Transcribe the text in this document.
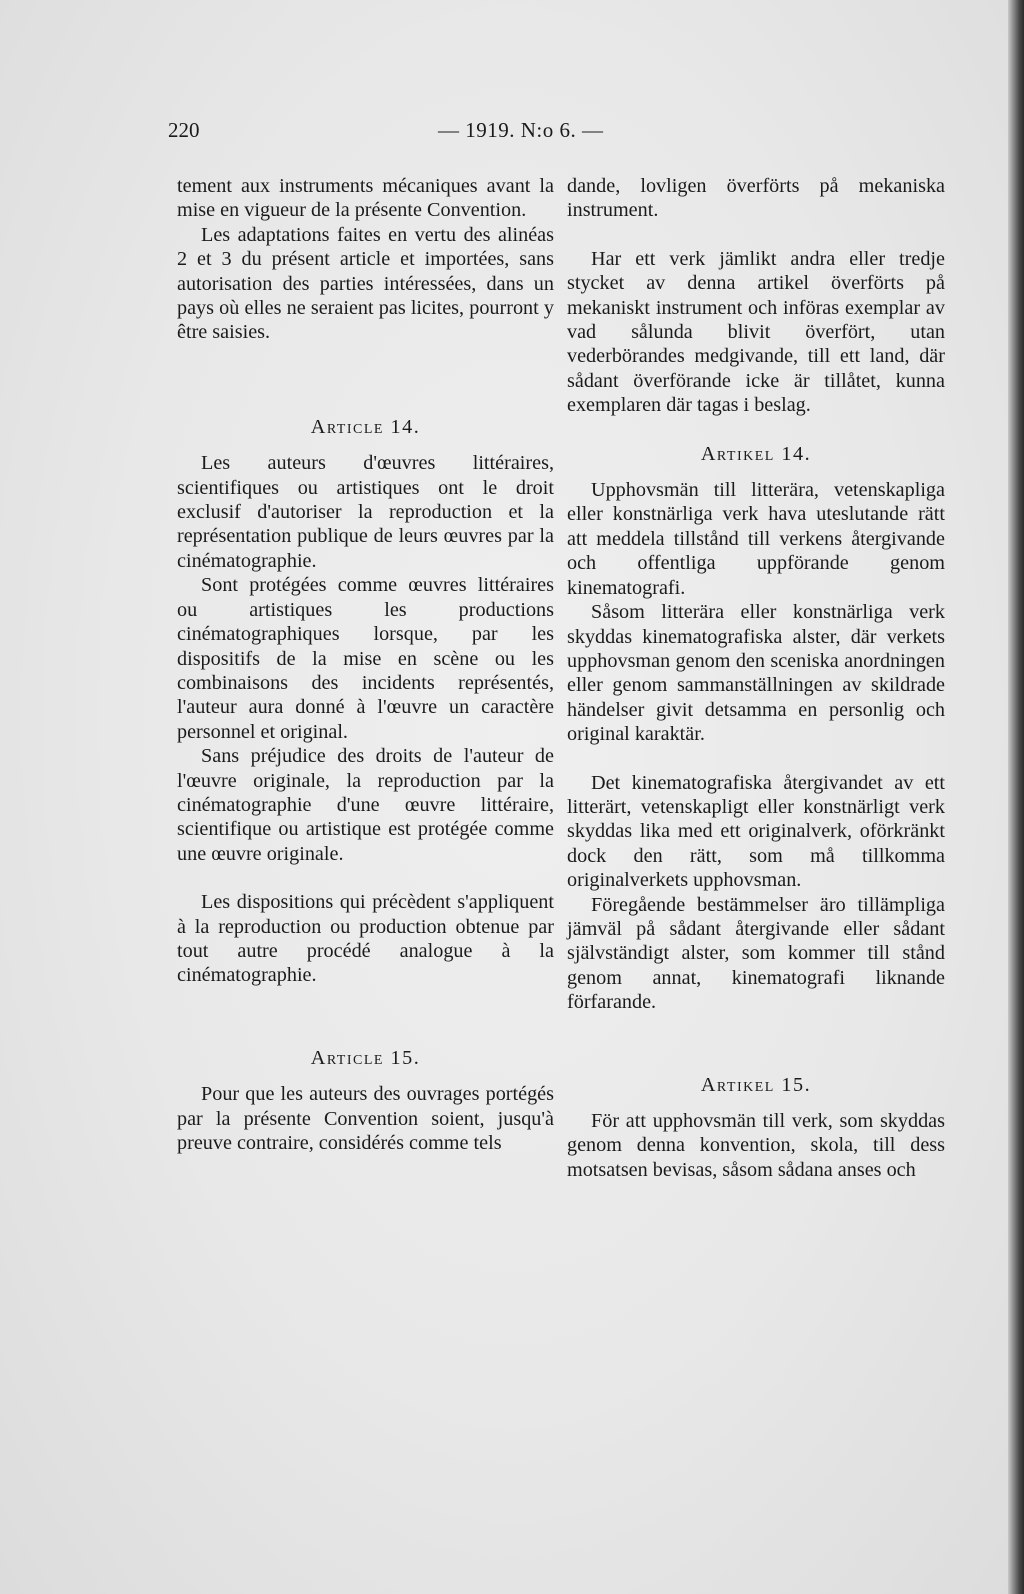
220	— 1919. N:o 6. —

tement aux instruments mécaniques avant la mise en vigueur de la présente Convention.

Les adaptations faites en vertu des alinéas 2 et 3 du présent article et importées, sans autorisation des parties intéressées, dans un pays où elles ne seraient pas licites, pourront y être saisies.

Article 14.

Les auteurs d'œuvres littéraires, scientifiques ou artistiques ont le droit exclusif d'autoriser la reproduction et la représentation publique de leurs œuvres par la cinématographie.

Sont protégées comme œuvres littéraires ou artistiques les productions cinématographiques lorsque, par les dispositifs de la mise en scène ou les combinaisons des incidents représentés, l'auteur aura donné à l'œuvre un caractère personnel et original.

Sans préjudice des droits de l'auteur de l'œuvre originale, la reproduction par la cinématographie d'une œuvre littéraire, scientifique ou artistique est protégée comme une œuvre originale.

Les dispositions qui précèdent s'appliquent à la reproduction ou production obtenue par tout autre procédé analogue à la cinématographie.

Article 15.

Pour que les auteurs des ouvrages portégés par la présente Convention soient, jusqu'à preuve contraire, considérés comme tels

dande, lovligen överförts på mekaniska instrument.

Har ett verk jämlikt andra eller tredje stycket av denna artikel överförts på mekaniskt instrument och införas exemplar av vad sålunda blivit överfört, utan vederbörandes medgivande, till ett land, där sådant överförande icke är tillåtet, kunna exemplaren där tagas i beslag.

Artikel 14.

Upphovsmän till litterära, vetenskapliga eller konstnärliga verk hava uteslutande rätt att meddela tillstånd till verkens återgivande och offentliga uppförande genom kinematografi.

Såsom litterära eller konstnärliga verk skyddas kinematografiska alster, där verkets upphovsman genom den sceniska anordningen eller genom sammanställningen av skildrade händelser givit detsamma en personlig och original karaktär.

Det kinematografiska återgivandet av ett litterärt, vetenskapligt eller konstnärligt verk skyddas lika med ett originalverk, oförkränkt dock den rätt, som må tillkomma originalverkets upphovsman.

Föregående bestämmelser äro tillämpliga jämväl på sådant återgivande eller sådant självständigt alster, som kommer till stånd genom annat, kinematografi liknande förfarande.

Artikel 15.

För att upphovsmän till verk, som skyddas genom denna konvention, skola, till dess motsatsen bevisas, såsom sådana anses och
